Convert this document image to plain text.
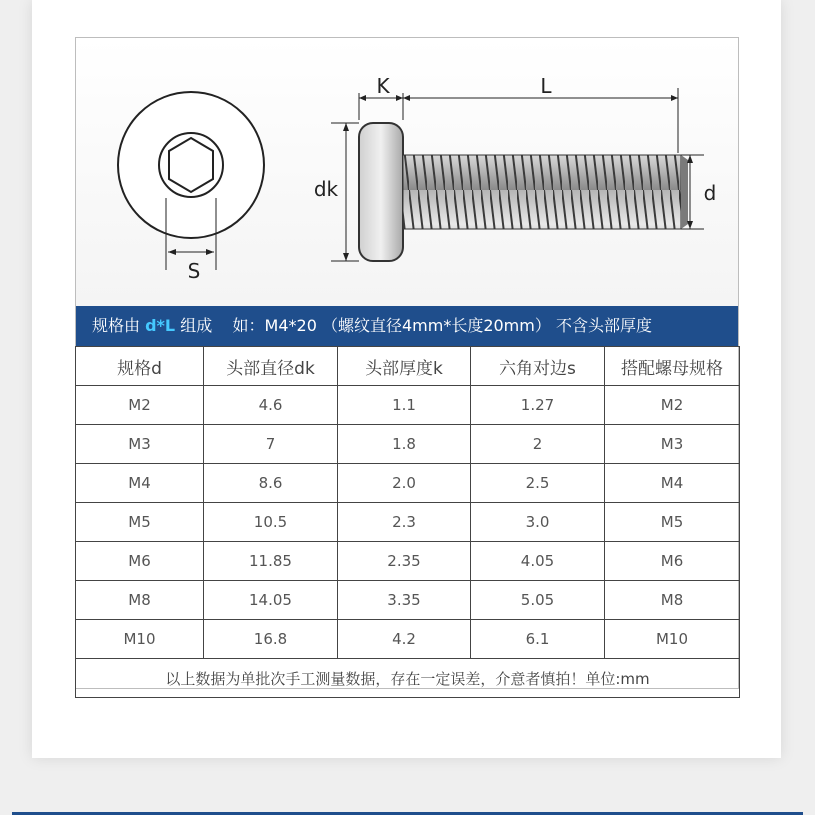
S
K	L
dk	d
规格由 d*L 组成    如：M4*20 （螺纹直径4mm*长度20mm） 不含头部厚度
规格d	头部直径dk	头部厚度k	六角对边s	搭配螺母规格
M2	4.6	1.1	1.27	M2
M3	7	1.8	2	M3
M4	8.6	2.0	2.5	M4
M5	10.5	2.3	3.0	M5
M6	11.85	2.35	4.05	M6
M8	14.05	3.35	5.05	M8
M10	16.8	4.2	6.1	M10
以上数据为单批次手工测量数据，存在一定误差，介意者慎拍！单位:mm				
